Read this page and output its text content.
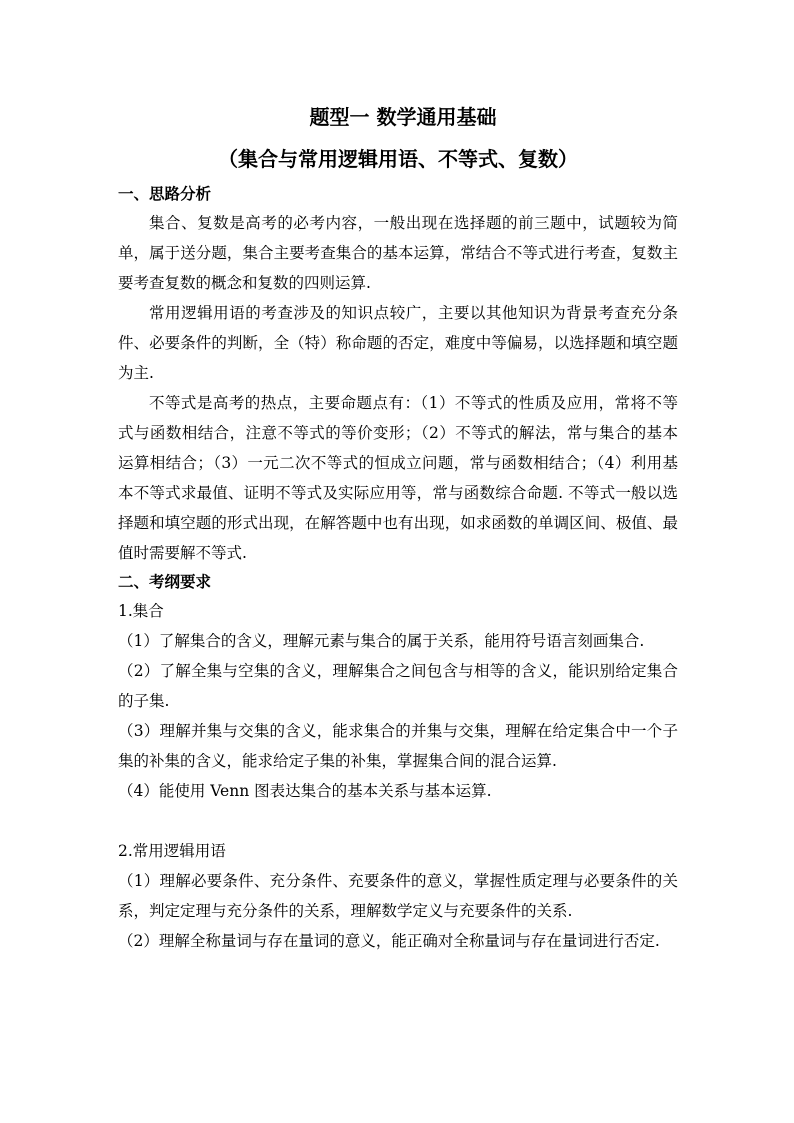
题型一 数学通用基础

（集合与常用逻辑用语、不等式、复数）

一、思路分析

集合、复数是高考的必考内容，一般出现在选择题的前三题中，试题较为简单，属于送分题，集合主要考查集合的基本运算，常结合不等式进行考查，复数主要考查复数的概念和复数的四则运算.

常用逻辑用语的考查涉及的知识点较广，主要以其他知识为背景考查充分条件、必要条件的判断，全（特）称命题的否定，难度中等偏易，以选择题和填空题为主.

不等式是高考的热点，主要命题点有：（1）不等式的性质及应用，常将不等式与函数相结合，注意不等式的等价变形；（2）不等式的解法，常与集合的基本运算相结合；（3）一元二次不等式的恒成立问题，常与函数相结合；（4）利用基本不等式求最值、证明不等式及实际应用等，常与函数综合命题. 不等式一般以选择题和填空题的形式出现，在解答题中也有出现，如求函数的单调区间、极值、最值时需要解不等式.

二、考纲要求

1.集合

（1）了解集合的含义，理解元素与集合的属于关系，能用符号语言刻画集合.

（2）了解全集与空集的含义，理解集合之间包含与相等的含义，能识别给定集合的子集.

（3）理解并集与交集的含义，能求集合的并集与交集，理解在给定集合中一个子集的补集的含义，能求给定子集的补集，掌握集合间的混合运算.

（4）能使用 Venn 图表达集合的基本关系与基本运算.

2.常用逻辑用语

（1）理解必要条件、充分条件、充要条件的意义，掌握性质定理与必要条件的关系，判定定理与充分条件的关系，理解数学定义与充要条件的关系.

（2）理解全称量词与存在量词的意义，能正确对全称量词与存在量词进行否定.
